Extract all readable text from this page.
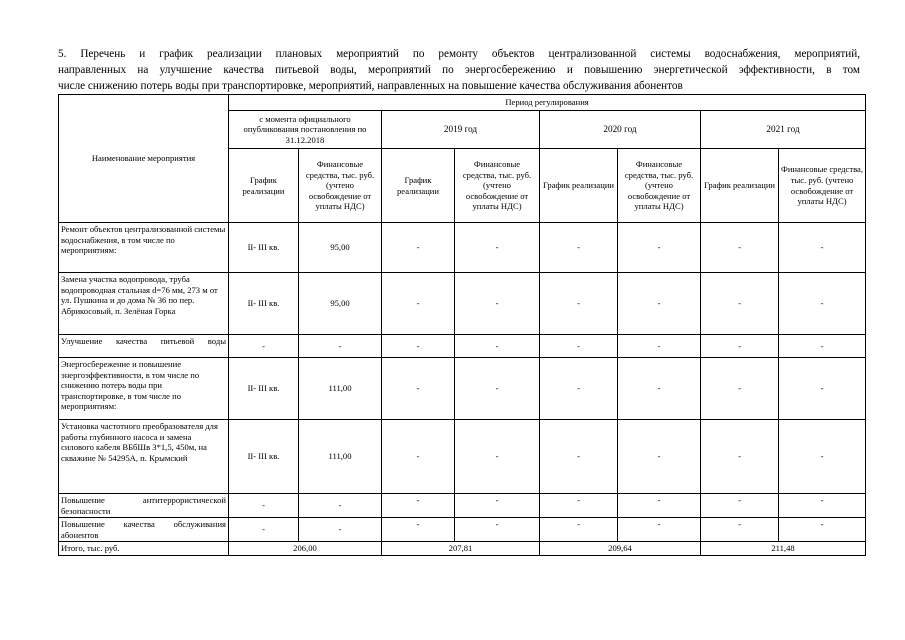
5. Перечень и график реализации плановых мероприятий по ремонту объектов централизованной системы водоснабжения, мероприятий,
направленных на улучшение качества питьевой воды, мероприятий по энергосбережению и повышению энергетической эффективности, в том
числе снижению потерь воды при транспортировке, мероприятий, направленных на повышение качества обслуживания абонентов
Наименование мероприятия	Период регулирования							
	с момента официального опубликования постановления по 31.12.2018		2019 год		2020 год		2021 год	
	График реализации	Финансовые средства, тыс. руб. (учтено освобождение от уплаты НДС)	График реализации	Финансовые средства, тыс. руб. (учтено освобождение от уплаты НДС)	График реализации	Финансовые средства, тыс. руб. (учтено освобождение от уплаты НДС)	График реализации	Финансовые средства, тыс. руб. (учтено освобождение от уплаты НДС)
Ремонт объектов централизованной системы водоснабжения, в том числе по мероприятиям:	II- III кв.	95,00	-	-	-	-	-	-
Замена участка водопровода, труба водопроводная стальная d=76 мм, 273 м от ул. Пушкина и до дома № 36 по пер. Абрикосовый, п. Зелёная Горка	II- III кв.	95,00	-	-	-	-	-	-
Улучшение качества питьевой воды	-	-	-	-	-	-	-	-
Энергосбережение и повышение энергоэффективности, в том числе по снижению потерь воды при транспортировке, в том числе по мероприятиям:	II- III кв.	111,00	-	-	-	-	-	-
Установка частотного преобразователя для работы глубинного насоса и замена силового кабеля ВБбШв 3*1,5, 450м, на скважине № 54295А, п. Крымский	II- III кв.	111,00	-	-	-	-	-	-
Повышение антитеррористической безопасности	-	-	-	-	-	-	-	-
Повышение качества обслуживания абонентов	-	-	-	-	-	-	-	-
Итого, тыс. руб.	206,00		207,81		209,64		211,48	
